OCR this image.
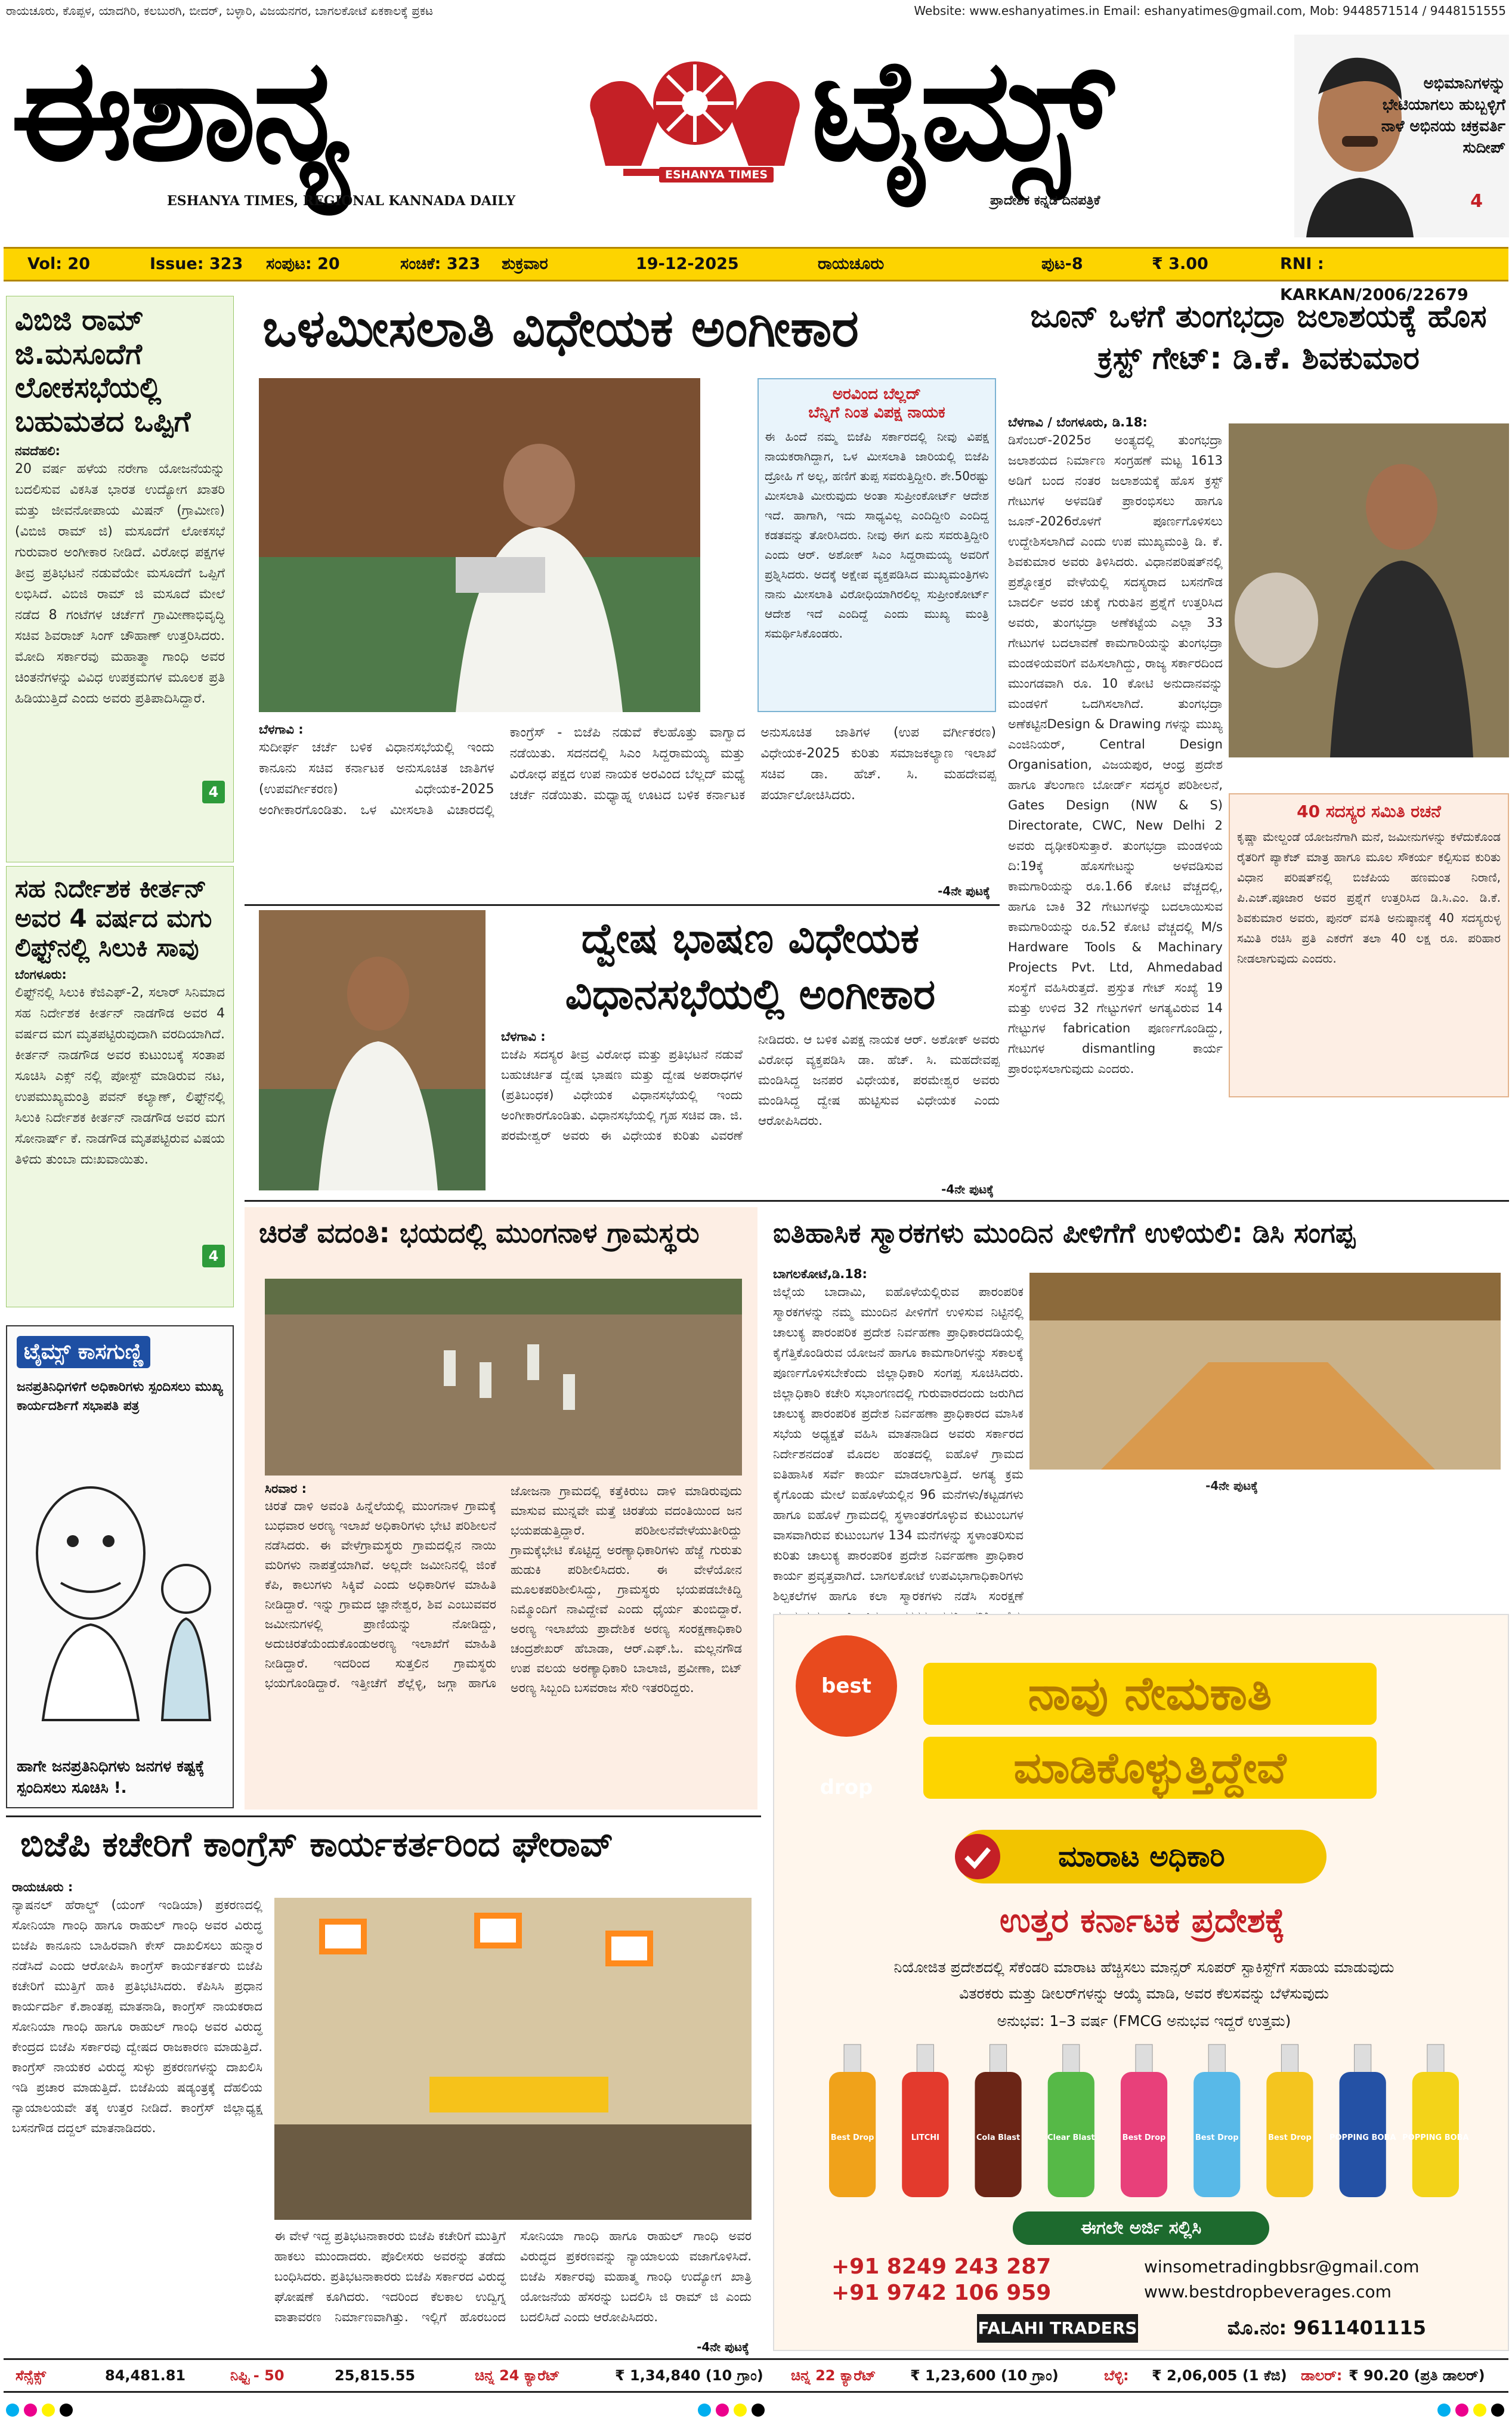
ರಾಯಚೂರು, ಕೊಪ್ಪಳ, ಯಾದಗಿರಿ, ಕಲಬುರಗಿ, ಬೀದರ್, ಬಳ್ಳಾರಿ, ವಿಜಯನಗರ, ಬಾಗಲಕೋಟೆ ಏಕಕಾಲಕ್ಕೆ ಪ್ರಕಟ	Website: www.eshanyatimes.in Email: eshanyatimes@gmail.com, Mob: 9448571514 / 9448151555
ಈಶಾನ್ಯ	ESHANYA TIMES ಟೈಮ್ಸ್
ESHANYA TIMES, REGIONAL KANNADA DAILY	ಪ್ರಾದೇಶಿಕ ಕನ್ನಡ ದಿನಪತ್ರಿಕೆ
ಅಭಿಮಾನಿಗಳನ್ನು ಭೇಟಿಯಾಗಲು ಹುಬ್ಬಳ್ಳಿಗೆ ನಾಳೆ ಅಭಿನಯ ಚಕ್ರವರ್ತಿ ಸುದೀಪ್
4
Vol: 20	Issue: 323 ಸಂಪುಟ: 20	ಸಂಚಿಕೆ: 323 ಶುಕ್ರವಾರ	19-12-2025	ರಾಯಚೂರು	ಪುಟ-8	₹ 3.00	RNI : KARKAN/2006/22679
ವಿಬಿಜಿ ರಾಮ್ ಜಿ.ಮಸೂದೆಗೆ ಲೋಕಸಭೆಯಲ್ಲಿ ಬಹುಮತದ ಒಪ್ಪಿಗೆ
ನವದೆಹಲಿ:
20 ವರ್ಷ ಹಳೆಯ ನರೇಗಾ ಯೋಜನೆಯನ್ನು ಬದಲಿಸುವ ವಿಕಸಿತ ಭಾರತ ಉದ್ಯೋಗ ಖಾತರಿ ಮತ್ತು ಜೀವನೋಪಾಯ ಮಿಷನ್ (ಗ್ರಾಮೀಣ) (ವಿಬಿಜಿ ರಾಮ್ ಜಿ) ಮಸೂದೆಗೆ ಲೋಕಸಭೆ ಗುರುವಾರ ಅಂಗೀಕಾರ ನೀಡಿದೆ. ವಿರೋಧ ಪಕ್ಷಗಳ ತೀವ್ರ ಪ್ರತಿಭಟನೆ ನಡುವೆಯೇ ಮಸೂದೆಗೆ ಒಪ್ಪಿಗೆ ಲಭಿಸಿದೆ. ವಿಬಿಜಿ ರಾಮ್ ಜಿ ಮಸೂದೆ ಮೇಲೆ ನಡೆದ 8 ಗಂಟೆಗಳ ಚರ್ಚೆಗೆ ಗ್ರಾಮೀಣಾಭಿವೃದ್ಧಿ ಸಚಿವ ಶಿವರಾಜ್ ಸಿಂಗ್ ಚೌಹಾಣ್ ಉತ್ತರಿಸಿದರು. ಮೋದಿ ಸರ್ಕಾರವು ಮಹಾತ್ಮಾ ಗಾಂಧಿ ಅವರ ಚಿಂತನೆಗಳನ್ನು ವಿವಿಧ ಉಪಕ್ರಮಗಳ ಮೂಲಕ ಪ್ರತಿ ಹಿಡಿಯುತ್ತಿದೆ ಎಂದು ಅವರು ಪ್ರತಿಪಾದಿಸಿದ್ದಾರೆ.
4
ಸಹ ನಿರ್ದೇಶಕ ಕೀರ್ತನ್ ಅವರ 4 ವರ್ಷದ ಮಗು ಲಿಫ್ಟ್‌ನಲ್ಲಿ ಸಿಲುಕಿ ಸಾವು
ಬೆಂಗಳೂರು:
ಲಿಫ್ಟ್‌ನಲ್ಲಿ ಸಿಲುಕಿ ಕೆಜಿಎಫ್-2, ಸಲಾರ್ ಸಿನಿಮಾದ ಸಹ ನಿರ್ದೇಶಕ ಕೀರ್ತನ್ ನಾಡಗೌಡ ಅವರ 4 ವರ್ಷದ ಮಗ ಮೃತಪಟ್ಟಿರುವುದಾಗಿ ವರದಿಯಾಗಿದೆ. ಕೀರ್ತನ್ ನಾಡಗೌಡ ಅವರ ಕುಟುಂಬಕ್ಕೆ ಸಂತಾಪ ಸೂಚಿಸಿ ಎಕ್ಸ್ ನಲ್ಲಿ ಪೋಸ್ಟ್ ಮಾಡಿರುವ ನಟ, ಉಪಮುಖ್ಯಮಂತ್ರಿ ಪವನ್ ಕಲ್ಯಾಣ್, ಲಿಫ್ಟ್‌ನಲ್ಲಿ ಸಿಲುಕಿ ನಿರ್ದೇಶಕ ಕೀರ್ತನ್ ನಾಡಗೌಡ ಅವರ ಮಗ ಸೋನಾರ್ಷ್ ಕೆ. ನಾಡಗೌಡ ಮೃತಪಟ್ಟಿರುವ ವಿಷಯ ತಿಳಿದು ತುಂಬಾ ದುಃಖವಾಯಿತು.
4
ಟೈಮ್ಸ್ ಕಾಸಗುಣ್ಣಿ
ಜನಪ್ರತಿನಿಧಿಗಳಿಗೆ ಅಧಿಕಾರಿಗಳು ಸ್ಪಂದಿಸಲು ಮುಖ್ಯ ಕಾರ್ಯದರ್ಶಿಗೆ ಸಭಾಪತಿ ಪತ್ರ
ಹಾಗೇ ಜನಪ್ರತಿನಿಧಿಗಳು ಜನಗಳ ಕಷ್ಟಕ್ಕೆ ಸ್ಪಂದಿಸಲು ಸೂಚಿಸಿ !.
ಒಳಮೀಸಲಾತಿ ವಿಧೇಯಕ ಅಂಗೀಕಾರ
ಅರವಿಂದ ಬೆಲ್ಲದ್
ಬೆನ್ನಿಗೆ ನಿಂತ ವಿಪಕ್ಷ ನಾಯಕ
ಈ ಹಿಂದೆ ನಮ್ಮ ಬಿಜೆಪಿ ಸರ್ಕಾರದಲ್ಲಿ ನೀವು ವಿಪಕ್ಷ ನಾಯಕರಾಗಿದ್ದಾಗ, ಒಳ ಮೀಸಲಾತಿ ಜಾರಿಯಲ್ಲಿ ಬಿಜೆಪಿ ದ್ರೋಹಿ ಗೆ ಅಲ್ಲ, ಹಣಿಗೆ ತುಪ್ಪ ಸವರುತ್ತಿದ್ದೀರಿ. ಶೇ.50ರಷ್ಟು ಮೀಸಲಾತಿ ಮೀರುವುದು ಅಂತಾ ಸುಪ್ರೀಂಕೋರ್ಟ್ ಆದೇಶ ಇದೆ. ಹಾಗಾಗಿ, ಇದು ಸಾಧ್ಯವಿಲ್ಲ ಎಂದಿದ್ದೀರಿ ಎಂದಿದ್ದ ಕಡತವನ್ನು ತೋರಿಸಿದರು. ನೀವು ಈಗ ಏನು ಸವರುತ್ತಿದ್ದೀರಿ ಎಂದು ಆರ್. ಅಶೋಕ್ ಸಿಎಂ ಸಿದ್ದರಾಮಯ್ಯ ಅವರಿಗೆ ಪ್ರಶ್ನಿಸಿದರು. ಅದಕ್ಕೆ ಅಕ್ಷೇಪ ವ್ಯಕ್ತಪಡಿಸಿದ ಮುಖ್ಯಮಂತ್ರಿಗಳು ನಾನು ಮೀಸಲಾತಿ ವಿರೋಧಿಯಾಗಿರಲಿಲ್ಲ ಸುಪ್ರೀಂಕೋರ್ಟ್ ಆದೇಶ ಇದೆ ಎಂದಿದ್ದೆ ಎಂದು ಮುಖ್ಯ ಮಂತ್ರಿ ಸಮರ್ಥಿಸಿಕೊಂಡರು.
ಬೆಳಗಾವಿ :
ಸುದೀರ್ಘ ಚರ್ಚೆ ಬಳಿಕ ವಿಧಾನಸಭೆಯಲ್ಲಿ ಇಂದು ಕಾನೂನು ಸಚಿವ ಕರ್ನಾಟಕ ಅನುಸೂಚಿತ ಜಾತಿಗಳ (ಉಪವರ್ಗೀಕರಣ) ವಿಧೇಯಕ-2025 ಅಂಗೀಕಾರಗೊಂಡಿತು. ಒಳ ಮೀಸಲಾತಿ ವಿಚಾರದಲ್ಲಿ ಕಾಂಗ್ರೆಸ್ - ಬಿಜೆಪಿ ನಡುವೆ ಕೆಲಹೊತ್ತು ವಾಗ್ವಾದ ನಡೆಯಿತು. ಸದನದಲ್ಲಿ ಸಿಎಂ ಸಿದ್ದರಾಮಯ್ಯ ಮತ್ತು ವಿರೋಧ ಪಕ್ಷದ ಉಪ ನಾಯಕ ಅರವಿಂದ ಬೆಲ್ಲದ್ ಮಧ್ಯೆ ಚರ್ಚೆ ನಡೆಯಿತು. ಮಧ್ಯಾಹ್ನ ಊಟದ ಬಳಿಕ ಕರ್ನಾಟಕ ಅನುಸೂಚಿತ ಜಾತಿಗಳ (ಉಪ ವರ್ಗೀಕರಣ) ವಿಧೇಯಕ-2025 ಕುರಿತು ಸಮಾಜಕಲ್ಯಾಣ ಇಲಾಖೆ ಸಚಿವ ಡಾ. ಹೆಚ್. ಸಿ. ಮಹದೇವಪ್ಪ ಪರ್ಯಾಲೋಚಿಸಿದರು.
-4ನೇ ಪುಟಕ್ಕೆ
ಜೂನ್ ಒಳಗೆ ತುಂಗಭದ್ರಾ ಜಲಾಶಯಕ್ಕೆ ಹೊಸ ಕ್ರಸ್ಟ್ ಗೇಟ್: ಡಿ.ಕೆ. ಶಿವಕುಮಾರ
ಬೆಳಗಾವಿ / ಬೆಂಗಳೂರು, ಡಿ.18:
ಡಿಸೆಂಬರ್-2025ರ ಅಂತ್ಯದಲ್ಲಿ ತುಂಗಭದ್ರಾ ಜಲಾಶಯದ ನಿರ್ಮಾಣ ಸಂಗ್ರಹಣೆ ಮಟ್ಟ 1613 ಅಡಿಗೆ ಬಂದ ನಂತರ ಜಲಾಶಯಕ್ಕೆ ಹೊಸ ಕ್ರಸ್ಟ್ ಗೇಟುಗಳ ಅಳವಡಿಕೆ ಪ್ರಾರಂಭಿಸಲು ಹಾಗೂ ಜೂನ್-2026ರೊಳಗೆ ಪೂರ್ಣಗೊಳಿಸಲು ಉದ್ದೇಶಿಸಲಾಗಿದೆ ಎಂದು ಉಪ ಮುಖ್ಯಮಂತ್ರಿ ಡಿ. ಕೆ. ಶಿವಕುಮಾರ ಅವರು ತಿಳಿಸಿದರು. ವಿಧಾನಪರಿಷತ್‌ನಲ್ಲಿ ಪ್ರಶ್ನೋತ್ತರ ವೇಳೆಯಲ್ಲಿ ಸದಸ್ಯರಾದ ಬಸನಗೌಡ ಬಾದರ್ಲಿ ಅವರ ಚುಕ್ಕೆ ಗುರುತಿನ ಪ್ರಶ್ನೆಗೆ ಉತ್ತರಿಸಿದ ಅವರು, ತುಂಗಭದ್ರಾ ಅಣೆಕಟ್ಟೆಯ ಎಲ್ಲಾ 33 ಗೇಟುಗಳ ಬದಲಾವಣೆ ಕಾಮಗಾರಿಯನ್ನು ತುಂಗಭದ್ರಾ ಮಂಡಳಿಯವರಿಗೆ ವಹಿಸಲಾಗಿದ್ದು, ರಾಜ್ಯ ಸರ್ಕಾರದಿಂದ ಮುಂಗಡವಾಗಿ ರೂ. 10 ಕೋಟಿ ಅನುದಾನವನ್ನು ಮಂಡಳಿಗೆ ಒದಗಿಸಲಾಗಿದೆ. ತುಂಗಭದ್ರಾ ಅಣೆಕಟ್ಟಿನDesign & Drawing ಗಳನ್ನು ಮುಖ್ಯ ಎಂಜಿನಿಯರ್, Central Design Organisation, ವಿಜಯಪುರ, ಆಂಧ್ರ ಪ್ರದೇಶ ಹಾಗೂ ತೆಲಂಗಾಣ ಬೋರ್ಡ್ ಸದಸ್ಯರ ಪರಿಶೀಲನೆ, Gates Design (NW & S) Directorate, CWC, New Delhi 2 ಅವರು ದೃಢೀಕರಿಸುತ್ತಾರೆ. ತುಂಗಭದ್ರಾ ಮಂಡಳಿಯ ದಿ:19ಕ್ಕೆ ಹೊಸಗೇಟನ್ನು ಅಳವಡಿಸುವ ಕಾಮಗಾರಿಯನ್ನು ರೂ.1.66 ಕೋಟಿ ವೆಚ್ಚದಲ್ಲಿ, ಹಾಗೂ ಬಾಕಿ 32 ಗೇಟುಗಳನ್ನು ಬದಲಾಯಿಸುವ ಕಾಮಗಾರಿಯನ್ನು ರೂ.52 ಕೋಟಿ ವೆಚ್ಚದಲ್ಲಿ M/s Hardware Tools & Machinary Projects Pvt. Ltd, Ahmedabad ಸಂಸ್ಥೆಗೆ ವಹಿಸಿರುತ್ತದೆ. ಪ್ರಸ್ತುತ ಗೇಟ್ ಸಂಖ್ಯೆ 19 ಮತ್ತು ಉಳಿದ 32 ಗೇಟ್ಟುಗಳಿಗೆ ಅಗತ್ಯವಿರುವ 14 ಗೇಟ್ಟುಗಳ fabrication ಪೂರ್ಣಗೊಂಡಿದ್ದು, ಗೇಟುಗಳ dismantling ಕಾರ್ಯ ಪ್ರಾರಂಭಿಸಲಾಗುವುದು ಎಂದರು.
40 ಸದಸ್ಯರ ಸಮಿತಿ ರಚನೆ
ಕೃಷ್ಣಾ ಮೇಲ್ದಂಡೆ ಯೋಜನೆಗಾಗಿ ಮನೆ, ಜಮೀನುಗಳನ್ನು ಕಳೆದುಕೊಂಡ ರೈತರಿಗೆ ಪ್ಯಾಕೆಜ್ ಮಾತ್ರ ಹಾಗೂ ಮೂಲ ಸೌಕರ್ಯ ಕಲ್ಪಿಸುವ ಕುರಿತು ವಿಧಾನ ಪರಿಷತ್‌ನಲ್ಲಿ ಬಿಜೆಪಿಯ ಹಣಮಂತ ನಿರಾಣಿ, ಪಿ.ಎಚ್.ಪೂಜಾರ ಅವರ ಪ್ರಶ್ನೆಗೆ ಉತ್ತರಿಸಿದ ಡಿ.ಸಿ.ಎಂ. ಡಿ.ಕೆ. ಶಿವಕುಮಾರ ಅವರು, ಪುನರ್ ವಸತಿ ಅನುಷ್ಠಾನಕ್ಕೆ 40 ಸದಸ್ಯರುಳ್ಳ ಸಮಿತಿ ರಚಿಸಿ ಪ್ರತಿ ಎಕರೆಗೆ ತಲಾ 40 ಲಕ್ಷ ರೂ. ಪರಿಹಾರ ನೀಡಲಾಗುವುದು ಎಂದರು.
ದ್ವೇಷ ಭಾಷಣ ವಿಧೇಯಕ ವಿಧಾನಸಭೆಯಲ್ಲಿ ಅಂಗೀಕಾರ
ಬೆಳಗಾವಿ :
ಬಿಜೆಪಿ ಸದಸ್ಯರ ತೀವ್ರ ವಿರೋಧ ಮತ್ತು ಪ್ರತಿಭಟನೆ ನಡುವೆ ಬಹುಚರ್ಚಿತ ದ್ವೇಷ ಭಾಷಣ ಮತ್ತು ದ್ವೇಷ ಅಪರಾಧಗಳ (ಪ್ರತಿಬಂಧಕ) ವಿಧೇಯಕ ವಿಧಾನಸಭೆಯಲ್ಲಿ ಇಂದು ಅಂಗೀಕಾರಗೊಂಡಿತು. ವಿಧಾನಸಭೆಯಲ್ಲಿ ಗೃಹ ಸಚಿವ ಡಾ. ಜಿ. ಪರಮೇಶ್ವರ್ ಅವರು ಈ ವಿಧೇಯಕ ಕುರಿತು ವಿವರಣೆ ನೀಡಿದರು. ಆ ಬಳಿಕ ವಿಪಕ್ಷ ನಾಯಕ ಆರ್. ಅಶೋಕ್ ಅವರು ವಿರೋಧ ವ್ಯಕ್ತಪಡಿಸಿ ಡಾ. ಹೆಚ್. ಸಿ. ಮಹದೇವಪ್ಪ ಮಂಡಿಸಿದ್ದ ಜನಪರ ವಿಧೇಯಕ, ಪರಮೇಶ್ವರ ಅವರು ಮಂಡಿಸಿದ್ದ ದ್ವೇಷ ಹುಟ್ಟಿಸುವ ವಿಧೇಯಕ ಎಂದು ಆರೋಪಿಸಿದರು.
-4ನೇ ಪುಟಕ್ಕೆ
ಚಿರತೆ ವದಂತಿ: ಭಯದಲ್ಲಿ ಮುಂಗನಾಳ ಗ್ರಾಮಸ್ಥರು
ಸಿರವಾರ :
ಚಿರತೆ ದಾಳಿ ಅವಂತಿ ಹಿನ್ನೆಲೆಯಲ್ಲಿ ಮುಂಗನಾಳ ಗ್ರಾಮಕ್ಕೆ ಬುಧವಾರ ಅರಣ್ಯ ಇಲಾಖೆ ಅಧಿಕಾರಿಗಳು ಭೇಟಿ ಪರಿಶೀಲನೆ ನಡೆಸಿದರು. ಈ ವೇಳೆಗ್ರಾಮಸ್ಥರು ಗ್ರಾಮದಲ್ಲಿನ ನಾಯಿ ಮರಿಗಳು ನಾಪತ್ತೆಯಾಗಿವೆ. ಅಲ್ಲದೇ ಜಮೀನಿನಲ್ಲಿ ಜಿಂಕೆ ಕೆಪಿ, ಕಾಲುಗಳು ಸಿಕ್ಕಿವೆ ಎಂದು ಅಧಿಕಾರಿಗಳ ಮಾಹಿತಿ ನೀಡಿದ್ದಾರೆ. ಇನ್ನು ಗ್ರಾಮದ ಜ್ಞಾನೇಶ್ವರ, ಶಿವ ಎಂಬುವವರ ಜಮೀನುಗಳಲ್ಲಿ ಪ್ರಾಣಿಯನ್ನು ನೋಡಿದ್ದು, ಅದುಚಿರತೆಯೆಂದುಕೊಂಡುಅರಣ್ಯ ಇಲಾಖೆಗೆ ಮಾಹಿತಿ ನೀಡಿದ್ದಾರೆ. ಇದರಿಂದ ಸುತ್ತಲಿನ ಗ್ರಾಮಸ್ಥರು ಭಯಗೊಂಡಿದ್ದಾರೆ. ಇತ್ತೀಚೆಗೆ ಶೆಲ್ಲೆಳ್ಳಿ, ಜಗ್ಗಾ ಹಾಗೂ ಜೋಜನಾ ಗ್ರಾಮದಲ್ಲಿ ಕತ್ತೆಕಿರುಬ ದಾಳಿ ಮಾಡಿರುವುದು ಮಾಸುವ ಮುನ್ನವೇ ಮತ್ತೆ ಚಿರತೆಯ ವದಂತಿಯಿಂದ ಜನ ಭಯಪಡುತ್ತಿದ್ದಾರೆ. ಪರಿಶೀಲನೆವೇಳೆಯುತೀರಿದ್ದು ಗ್ರಾಮಕ್ಕೆಭೇಟಿ ಕೊಟ್ಟಿದ್ದ ಅರಣ್ಯಾಧಿಕಾರಿಗಳು ಹೆಜ್ಜೆ ಗುರುತು ಹುಡುಕಿ ಪರಿಶೀಲಿಸಿದರು. ಈ ವೇಳೆಯೋನ ಮೂಲಕಪರಿಶೀಲಿಸಿದ್ದು, ಗ್ರಾಮಸ್ಥರು ಭಯಪಡಬೇಕಿದ್ದಿ ನಿಮ್ಮೊಂದಿಗೆ ನಾವಿದ್ದೇವೆ ಎಂದು ಧೈರ್ಯ ತುಂಬಿದ್ದಾರೆ. ಅರಣ್ಯ ಇಲಾಖೆಯ ಪ್ರಾದೇಶಿಕ ಅರಣ್ಯ ಸಂರಕ್ಷಣಾಧಿಕಾರಿ ಚಂದ್ರಶೇಖರ್ ಹೆಬಾಡಾ, ಆರ್.ಎಫ್.ಓ. ಮಲ್ಲನಗೌಡ ಉಪ ವಲಯ ಅರಣ್ಯಾಧಿಕಾರಿ ಬಾಲಾಜಿ, ಪ್ರವೀಣಾ, ಬಿಟ್ ಅರಣ್ಯ ಸಿಬ್ಬಂದಿ ಬಸವರಾಜ ಸೇರಿ ಇತರರಿದ್ದರು.
ಐತಿಹಾಸಿಕ ಸ್ಮಾರಕಗಳು ಮುಂದಿನ ಪೀಳಿಗೆಗೆ ಉಳಿಯಲಿ: ಡಿಸಿ ಸಂಗಪ್ಪ
ಬಾಗಲಕೋಟೆ,ಡಿ.18:
ಜಿಲ್ಲೆಯ ಬಾದಾಮಿ, ಐಹೊಳೆಯಲ್ಲಿರುವ ಪಾರಂಪರಿಕ ಸ್ಮಾರಕಗಳನ್ನು ನಮ್ಮ ಮುಂದಿನ ಪೀಳಿಗೆಗೆ ಉಳಿಸುವ ನಿಟ್ಟಿನಲ್ಲಿ ಚಾಲುಕ್ಯ ಪಾರಂಪರಿಕ ಪ್ರದೇಶ ನಿರ್ವಹಣಾ ಪ್ರಾಧಿಕಾರದಡಿಯಲ್ಲಿ ಕೈಗೆತ್ತಿಕೊಂಡಿರುವ ಯೋಜನೆ ಹಾಗೂ ಕಾಮಗಾರಿಗಳನ್ನು ಸಕಾಲಕ್ಕೆ ಪೂರ್ಣಗೊಳಿಸಬೇಕೆಂದು ಜಿಲ್ಲಾಧಿಕಾರಿ ಸಂಗಪ್ಪ ಸೂಚಿಸಿದರು. ಜಿಲ್ಲಾಧಿಕಾರಿ ಕಚೇರಿ ಸಭಾಂಗಣದಲ್ಲಿ ಗುರುವಾರದಂದು ಜರುಗಿದ ಚಾಲುಕ್ಯ ಪಾರಂಪರಿಕ ಪ್ರದೇಶ ನಿರ್ವಹಣಾ ಪ್ರಾಧಿಕಾರದ ಮಾಸಿಕ ಸಭೆಯ ಅಧ್ಯಕ್ಷತೆ ವಹಿಸಿ ಮಾತನಾಡಿದ ಅವರು ಸರ್ಕಾರದ ನಿರ್ದೇಶನದಂತೆ ಮೊದಲ ಹಂತದಲ್ಲಿ ಐಹೊಳೆ ಗ್ರಾಮದ ಐತಿಹಾಸಿಕ ಸರ್ವೆ ಕಾರ್ಯ ಮಾಡಲಾಗುತ್ತಿದೆ. ಅಗತ್ಯ ಕ್ರಮ ಕೈಗೊಂಡು ಮೇಲೆ ಐಹೊಳೆಯಲ್ಲಿನ 96 ಮನೆಗಳು/ಕಟ್ಟಡಗಳು ಹಾಗೂ ಐಹೊಳೆ ಗ್ರಾಮದಲ್ಲಿ ಸ್ಥಳಾಂತರಗೊಳ್ಳುವ ಕುಟುಂಬಗಳ ವಾಸವಾಗಿರುವ ಕುಟುಂಬಗಳ 134 ಮನೆಗಳನ್ನು ಸ್ಥಳಾಂತರಿಸುವ ಕುರಿತು ಚಾಲುಕ್ಯ ಪಾರಂಪರಿಕ ಪ್ರದೇಶ ನಿರ್ವಹಣಾ ಪ್ರಾಧಿಕಾರ ಕಾರ್ಯ ಪ್ರವೃತ್ತವಾಗಿದೆ. ಬಾಗಲಕೋಟೆ ಉಪವಿಭಾಗಾಧಿಕಾರಿಗಳು ಶಿಲ್ಪಕಲೆಗಳ ಹಾಗೂ ಕಲಾ ಸ್ಮಾರಕಗಳು ನಡೆಸಿ ಸಂರಕ್ಷಣೆ
-4ನೇ ಪುಟಕ್ಕೆ
best drop
ನಾವು ನೇಮಕಾತಿ
ಮಾಡಿಕೊಳ್ಳುತ್ತಿದ್ದೇವೆ
ಮಾರಾಟ ಅಧಿಕಾರಿ
ಉತ್ತರ ಕರ್ನಾಟಕ ಪ್ರದೇಶಕ್ಕೆ
ನಿಯೋಜಿತ ಪ್ರದೇಶದಲ್ಲಿ ಸೆಕೆಂಡರಿ ಮಾರಾಟ ಹೆಚ್ಚಿಸಲು ಮಾನ್ಸರ್ ಸೂಪರ್ ಸ್ಟಾಕಿಸ್ಟ್‌ಗೆ ಸಹಾಯ ಮಾಡುವುದು
ವಿತರಕರು ಮತ್ತು ಡೀಲರ್‌ಗಳನ್ನು ಆಯ್ಕೆ ಮಾಡಿ, ಅವರ ಕೆಲಸವನ್ನು ಬೆಳೆಸುವುದು
ಅನುಭವ: 1–3 ವರ್ಷ (FMCG ಅನುಭವ ಇದ್ದರೆ ಉತ್ತಮ)
Best Drop	LITCHI	Cola Blast	Clear Blast	Best Drop	Best Drop	Best Drop POPPING BOBA POPPING BOBA
ಈಗಲೇ ಅರ್ಜಿ ಸಲ್ಲಿಸಿ
+91 8249 243 287
+91 9742 106 959
winsometradingbbsr@gmail.com
www.bestdropbeverages.com
FALAHI TRADERS	ಮೊ.ನಂ: 9611401115
ಬಿಜೆಪಿ ಕಚೇರಿಗೆ ಕಾಂಗ್ರೆಸ್ ಕಾರ್ಯಕರ್ತರಿಂದ ಘೇರಾವ್
ರಾಯಚೂರು :
ನ್ಯಾಷನಲ್ ಹೆರಾಲ್ಡ್ (ಯಂಗ್ ಇಂಡಿಯಾ) ಪ್ರಕರಣದಲ್ಲಿ ಸೋನಿಯಾ ಗಾಂಧಿ ಹಾಗೂ ರಾಹುಲ್ ಗಾಂಧಿ ಅವರ ವಿರುದ್ಧ ಬಿಜೆಪಿ ಕಾನೂನು ಬಾಹಿರವಾಗಿ ಕೇಸ್ ದಾಖಲಿಸಲು ಹುನ್ನಾರ ನಡೆಸಿದೆ ಎಂದು ಆರೋಪಿಸಿ ಕಾಂಗ್ರೆಸ್ ಕಾರ್ಯಕರ್ತರು ಬಿಜೆಪಿ ಕಚೇರಿಗೆ ಮುತ್ತಿಗೆ ಹಾಕಿ ಪ್ರತಿಭಟಿಸಿದರು. ಕೆಪಿಸಿಸಿ ಪ್ರಧಾನ ಕಾರ್ಯದರ್ಶಿ ಕೆ.ಶಾಂತಪ್ಪ ಮಾತನಾಡಿ, ಕಾಂಗ್ರೆಸ್ ನಾಯಕರಾದ ಸೋನಿಯಾ ಗಾಂಧಿ ಹಾಗೂ ರಾಹುಲ್ ಗಾಂಧಿ ಅವರ ವಿರುದ್ಧ ಕೇಂದ್ರದ ಬಿಜೆಪಿ ಸರ್ಕಾರವು ದ್ವೇಷದ ರಾಜಕಾರಣ ಮಾಡುತ್ತಿದೆ. ಕಾಂಗ್ರೆಸ್ ನಾಯಕರ ವಿರುದ್ಧ ಸುಳ್ಳು ಪ್ರಕರಣಗಳನ್ನು ದಾಖಲಿಸಿ ಇಡಿ ಪ್ರಚಾರ ಮಾಡುತ್ತಿದೆ. ಬಿಜೆಪಿಯ ಷಡ್ಯಂತ್ರಕ್ಕೆ ದೆಹಲಿಯ ನ್ಯಾಯಾಲಯವೇ ತಕ್ಕ ಉತ್ತರ ನೀಡಿದೆ. ಕಾಂಗ್ರೆಸ್ ಜಿಲ್ಲಾಧ್ಯಕ್ಷ ಬಸನಗೌಡ ದದ್ದಲ್ ಮಾತನಾಡಿದರು.
ಈ ವೇಳೆ ಇದ್ದ ಪ್ರತಿಭಟನಾಕಾರರು ಬಿಜೆಪಿ ಕಚೇರಿಗೆ ಮುತ್ತಿಗೆ ಹಾಕಲು ಮುಂದಾದರು. ಪೊಲೀಸರು ಅವರನ್ನು ತಡೆದು ಬಂಧಿಸಿದರು. ಪ್ರತಿಭಟನಾಕಾರರು ಬಿಜೆಪಿ ಸರ್ಕಾರದ ವಿರುದ್ಧ ಘೋಷಣೆ ಕೂಗಿದರು. ಇದರಿಂದ ಕೆಲಕಾಲ ಉದ್ವಿಗ್ನ ವಾತಾವರಣ ನಿರ್ಮಾಣವಾಗಿತ್ತು. ಇಲ್ಲಿಗೆ ಹೊರಬಂದ ಸೋನಿಯಾ ಗಾಂಧಿ ಹಾಗೂ ರಾಹುಲ್ ಗಾಂಧಿ ಅವರ ವಿರುದ್ಧದ ಪ್ರಕರಣವನ್ನು ನ್ಯಾಯಾಲಯ ವಜಾಗೊಳಿಸಿದೆ. ಬಿಜೆಪಿ ಸರ್ಕಾರವು ಮಹಾತ್ಮ ಗಾಂಧಿ ಉದ್ಯೋಗ ಖಾತ್ರಿ ಯೋಜನೆಯ ಹೆಸರನ್ನು ಬದಲಿಸಿ ಜಿ ರಾಮ್ ಜಿ ಎಂದು ಬದಲಿಸಿದೆ ಎಂದು ಆರೋಪಿಸಿದರು.
-4ನೇ ಪುಟಕ್ಕೆ
ಸೆನ್ಸೆಕ್ಸ್	84,481.81	ನಿಫ್ಟಿ - 50	25,815.55	ಚಿನ್ನ 24 ಕ್ಯಾರೆಟ್	₹ 1,34,840 (10 ಗ್ರಾಂ) ಚಿನ್ನ 22 ಕ್ಯಾರೆಟ್ ₹ 1,23,600 (10 ಗ್ರಾಂ)	ಬೆಳ್ಳಿ: ₹ 2,06,005 (1 ಕೆಜಿ) ಡಾಲರ್: ₹ 90.20 (ಪ್ರತಿ ಡಾಲರ್)
